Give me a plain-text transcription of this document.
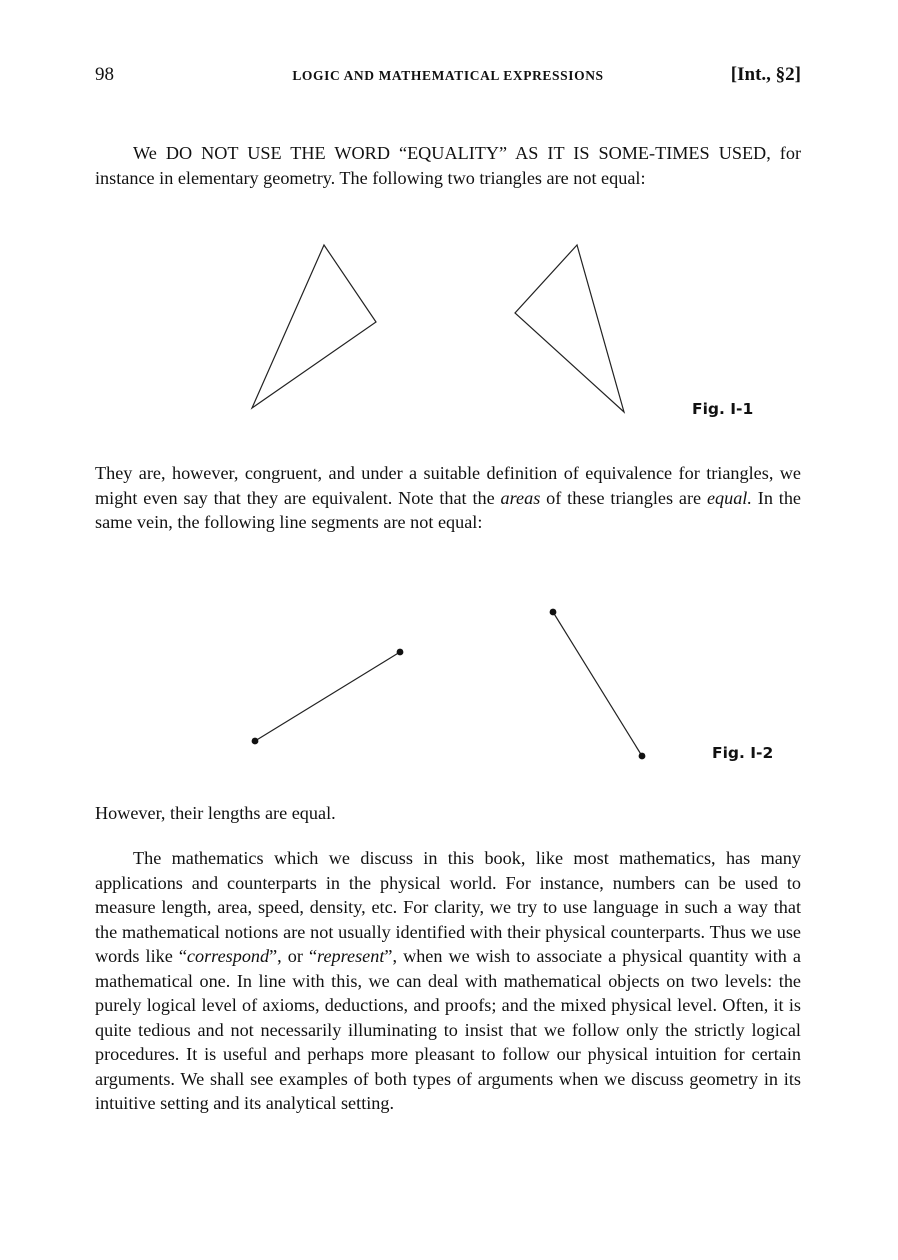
98	LOGIC AND MATHEMATICAL EXPRESSIONS	[Int., §2]

We DO NOT USE THE WORD “EQUALITY” AS IT IS SOME-TIMES USED, for instance in elementary geometry. The following two triangles are not equal:

Fig. I-1

They are, however, congruent, and under a suitable definition of equivalence for triangles, we might even say that they are equivalent. Note that the areas of these triangles are equal. In the same vein, the following line segments are not equal:

Fig. I-2

However, their lengths are equal.

The mathematics which we discuss in this book, like most mathematics, has many applications and counterparts in the physical world. For instance, numbers can be used to measure length, area, speed, density, etc. For clarity, we try to use language in such a way that the mathematical notions are not usually identified with their physical counterparts. Thus we use words like “correspond”, or “represent”, when we wish to associate a physical quantity with a mathematical one. In line with this, we can deal with mathematical objects on two levels: the purely logical level of axioms, deductions, and proofs; and the mixed physical level. Often, it is quite tedious and not necessarily illuminating to insist that we follow only the strictly logical procedures. It is useful and perhaps more pleasant to follow our physical intuition for certain arguments. We shall see examples of both types of arguments when we discuss geometry in its intuitive setting and its analytical setting.
